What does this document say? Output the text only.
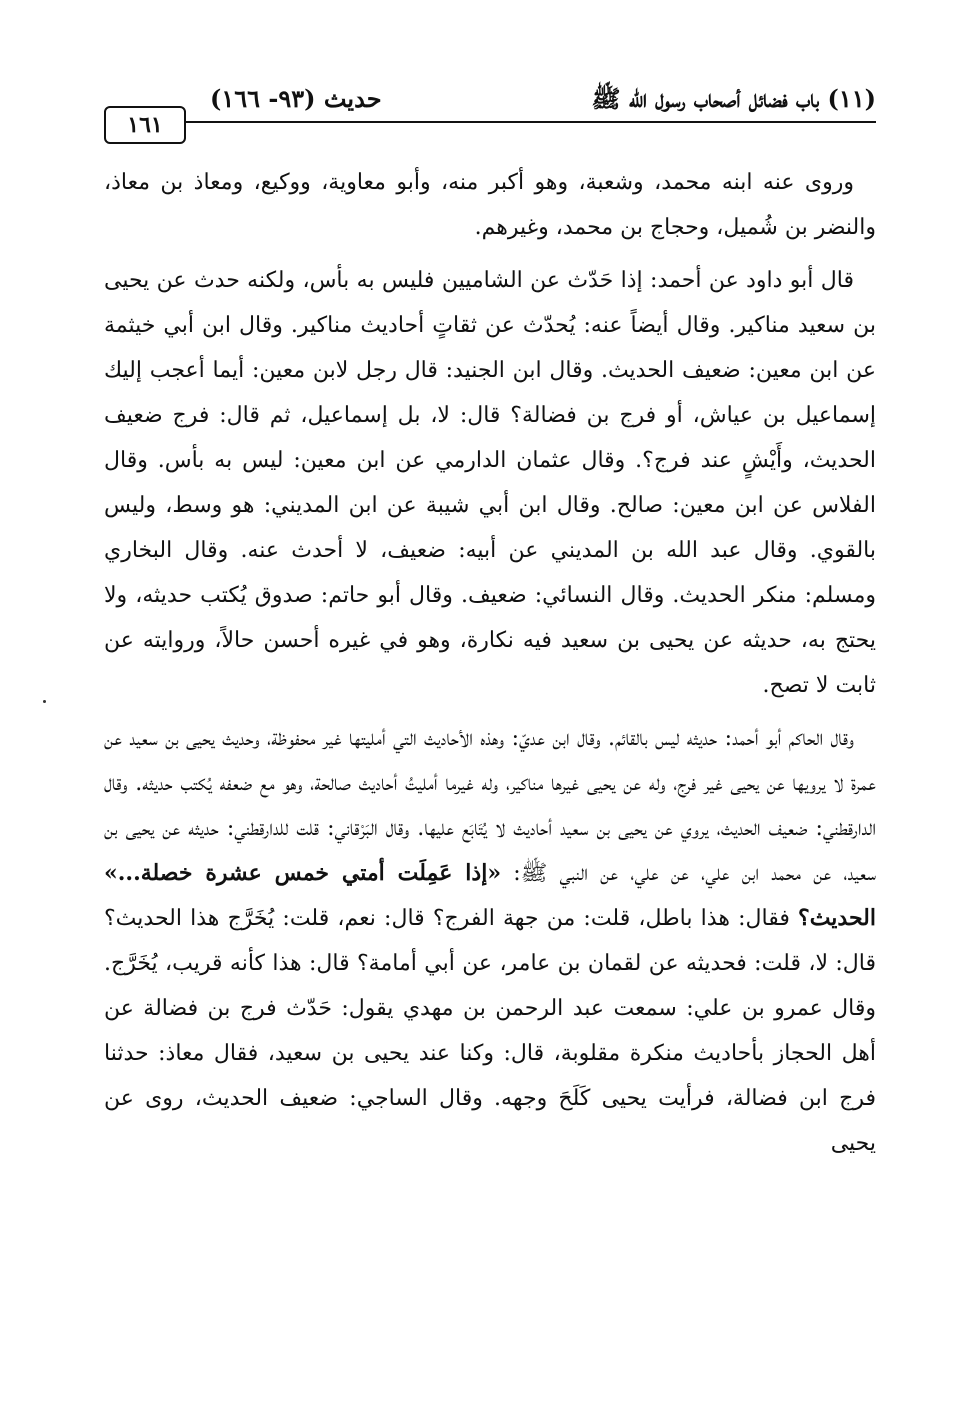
(١١) باب فضائل أصحاب رسول الله ﷺ
حديث (٩٣- ١٦٦)
١٦١

وروى عنه ابنه محمد، وشعبة، وهو أكبر منه، وأبو معاوية، ووكيع، ومعاذ بن معاذ، والنضر بن شُميل، وحجاج بن محمد، وغيرهم.

قال أبو داود عن أحمد: إذا حَدّث عن الشاميين فليس به بأس، ولكنه حدث عن يحيى بن سعيد مناكير. وقال أيضاً عنه: يُحدّث عن ثقاتٍ أحاديث مناكير. وقال ابن أبي خيثمة عن ابن معين: ضعيف الحديث. وقال ابن الجنيد: قال رجل لابن معين: أيما أعجب إليك إسماعيل بن عياش، أو فرج بن فضالة؟ قال: لا، بل إسماعيل، ثم قال: فرج ضعيف الحديث، وأَيْشٍ عند فرج؟. وقال عثمان الدارمي عن ابن معين: ليس به بأس. وقال الفلاس عن ابن معين: صالح. وقال ابن أبي شيبة عن ابن المديني: هو وسط، وليس بالقوي. وقال عبد الله بن المديني عن أبيه: ضعيف، لا أحدث عنه. وقال البخاري ومسلم: منكر الحديث. وقال النسائي: ضعيف. وقال أبو حاتم: صدوق يُكتب حديثه، ولا يحتج به، حديثه عن يحيى بن سعيد فيه نكارة، وهو في غيره أحسن حالاً، وروايته عن ثابت لا تصح.

وقال الحاكم أبو أحمد: حديثه ليس بالقائم. وقال ابن عديّ: وهذه الأحاديث التي أمليتها غير محفوظة، وحديث يحيى بن سعيد عن عمرة لا يرويها عن يحيى غير فرج، وله عن يحيى غيرها مناكير، وله غيرما أمليتُ أحاديث صالحة، وهو مع ضعفه يُكتب حديثه. وقال الدارقطني: ضعيف الحديث، يروي عن يحيى بن سعيد أحاديث لا يُتَابَع عليها. وقال البَرْقاني: قلت للدارقطني: حديثه عن يحيى بن سعيد، عن محمد ابن علي، عن علي، عن النبي ﷺ: «إذا عَمِلَت أمتي خمس عشرة خصلة...» الحديث؟ فقال: هذا باطل، قلت: من جهة الفرج؟ قال: نعم، قلت: يُخَرَّج هذا الحديث؟ قال: لا، قلت: فحديثه عن لقمان بن عامر، عن أبي أمامة؟ قال: هذا كأنه قريب، يُخَرَّج. وقال عمرو بن علي: سمعت عبد الرحمن بن مهدي يقول: حَدّث فرج بن فضالة عن أهل الحجاز بأحاديث منكرة مقلوبة، قال: وكنا عند يحيى بن سعيد، فقال معاذ: حدثنا فرج ابن فضالة، فرأيت يحيى كَلَحَ وجهه. وقال الساجي: ضعيف الحديث، روى عن يحيى
